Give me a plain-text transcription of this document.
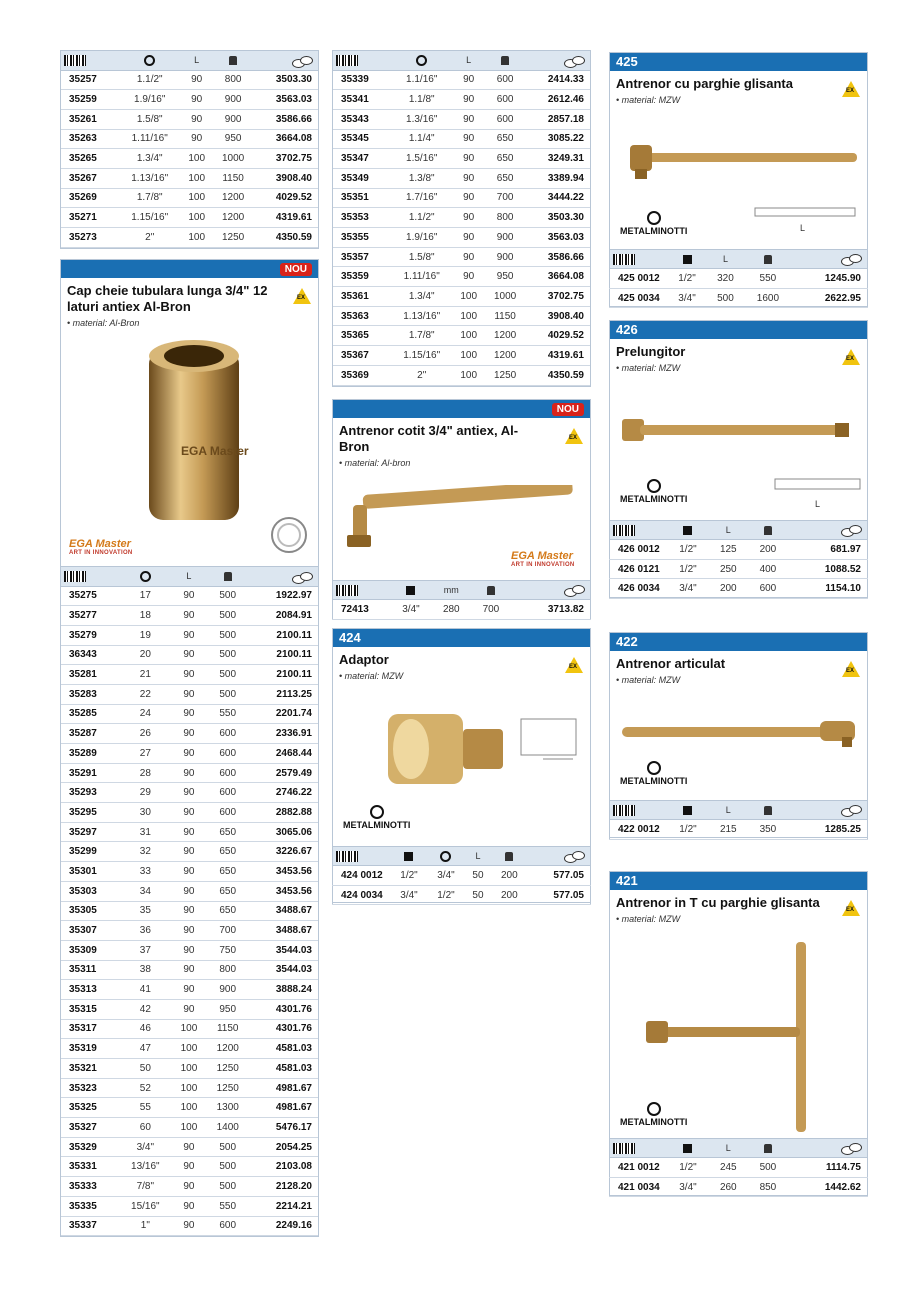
		L		
35257	1.1/2"	90	800	3503.30
35259	1.9/16"	90	900	3563.03
35261	1.5/8"	90	900	3586.66
35263	1.11/16"	90	950	3664.08
35265	1.3/4"	100	1000	3702.75
35267	1.13/16"	100	1150	3908.40
35269	1.7/8"	100	1200	4029.52
35271	1.15/16"	100	1200	4319.61
35273	2"	100	1250	4350.59
NOU
Cap cheie tubulara lunga 3/4" 12 laturi antiex Al-Bron
EX
• material: Al-Bron
EGA Master
EGA Master
ART IN INNOVATION
		L		
35275	17	90	500	1922.97
35277	18	90	500	2084.91
35279	19	90	500	2100.11
36343	20	90	500	2100.11
35281	21	90	500	2100.11
35283	22	90	500	2113.25
35285	24	90	550	2201.74
35287	26	90	600	2336.91
35289	27	90	600	2468.44
35291	28	90	600	2579.49
35293	29	90	600	2746.22
35295	30	90	600	2882.88
35297	31	90	650	3065.06
35299	32	90	650	3226.67
35301	33	90	650	3453.56
35303	34	90	650	3453.56
35305	35	90	650	3488.67
35307	36	90	700	3488.67
35309	37	90	750	3544.03
35311	38	90	800	3544.03
35313	41	90	900	3888.24
35315	42	90	950	4301.76
35317	46	100	1150	4301.76
35319	47	100	1200	4581.03
35321	50	100	1250	4581.03
35323	52	100	1250	4981.67
35325	55	100	1300	4981.67
35327	60	100	1400	5476.17
35329	3/4"	90	500	2054.25
35331	13/16"	90	500	2103.08
35333	7/8"	90	500	2128.20
35335	15/16"	90	550	2214.21
35337	1"	90	600	2249.16
		L		
35339	1.1/16"	90	600	2414.33
35341	1.1/8"	90	600	2612.46
35343	1.3/16"	90	600	2857.18
35345	1.1/4"	90	650	3085.22
35347	1.5/16"	90	650	3249.31
35349	1.3/8"	90	650	3389.94
35351	1.7/16"	90	700	3444.22
35353	1.1/2"	90	800	3503.30
35355	1.9/16"	90	900	3563.03
35357	1.5/8"	90	900	3586.66
35359	1.11/16"	90	950	3664.08
35361	1.3/4"	100	1000	3702.75
35363	1.13/16"	100	1150	3908.40
35365	1.7/8"	100	1200	4029.52
35367	1.15/16"	100	1200	4319.61
35369	2"	100	1250	4350.59
NOU
Antrenor cotit 3/4" antiex, Al-Bron
EX
• material: Al-bron
EGA Master
ART IN INNOVATION
		mm		
72413	3/4"	280	700	3713.82
424
Adaptor	EX
• material: MZW
METALMINOTTI
			L		
424 0012	1/2"	3/4"	50	200	577.05
424 0034	3/4"	1/2"	50	200	577.05
425
Antrenor cu parghie glisanta	EX
• material: MZW
L
METALMINOTTI
		L		
425 0012	1/2"	320	550	1245.90
425 0034	3/4"	500	1600	2622.95
426
Prelungitor	EX
• material: MZW
L
METALMINOTTI
		L		
426 0012	1/2"	125	200	681.97
426 0121	1/2"	250	400	1088.52
426 0034	3/4"	200	600	1154.10
422
Antrenor articulat	EX
• material: MZW
METALMINOTTI
		L		
422 0012	1/2"	215	350	1285.25
421
Antrenor in T cu parghie glisanta	EX
• material: MZW
METALMINOTTI
		L		
421 0012	1/2"	245	500	1114.75
421 0034	3/4"	260	850	1442.62
